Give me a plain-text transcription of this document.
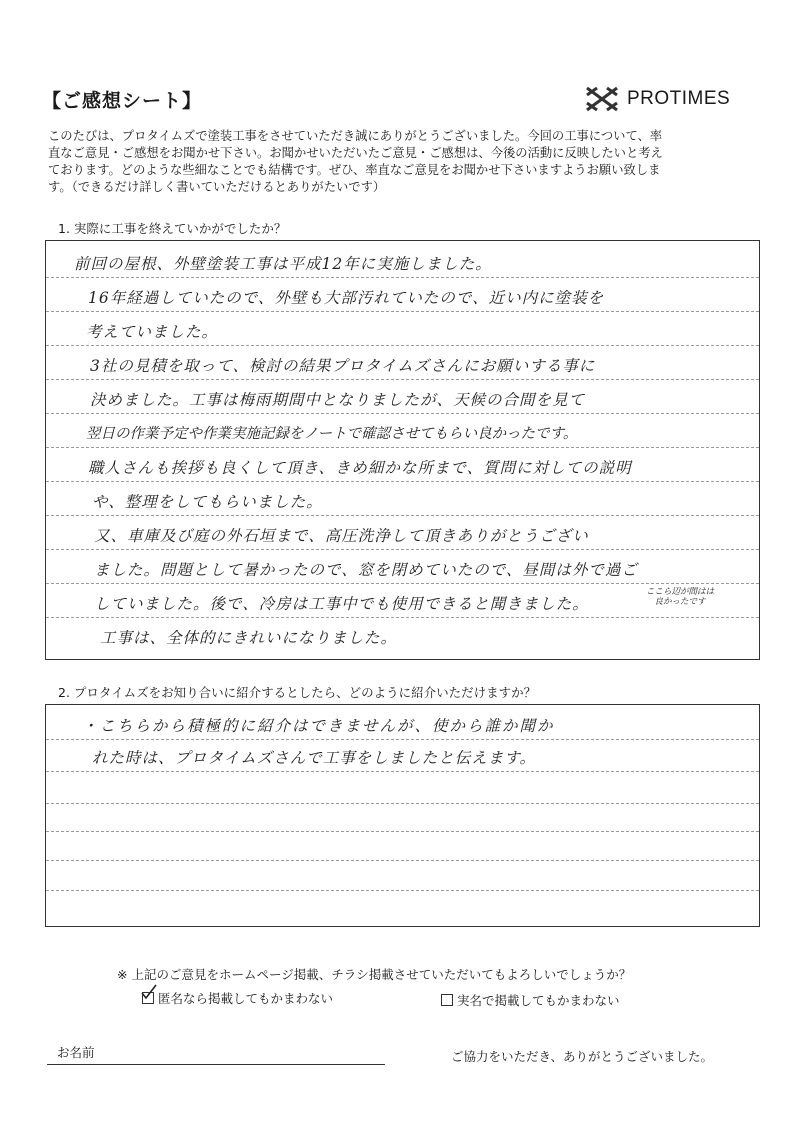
【ご感想シート】	PROTIMES
このたびは、プロタイムズで塗装工事をさせていただき誠にありがとうございました。今回の工事について、率
直なご意見・ご感想をお聞かせ下さい。お聞かせいただいたご意見・ご感想は、今後の活動に反映したいと考え
ております。どのような些細なことでも結構です。ぜひ、率直なご意見をお聞かせ下さいますようお願い致しま
す。（できるだけ詳しく書いていただけるとありがたいです）
1. 実際に工事を終えていかがでしたか？
前回の屋根、外壁塗装工事は平成12年に実施しました。
16年経過していたので、外壁も大部汚れていたので、近い内に塗装を
考えていました。
3社の見積を取って、検討の結果プロタイムズさんにお願いする事に
決めました。工事は梅雨期間中となりましたが、天候の合間を見て
翌日の作業予定や作業実施記録をノートで確認させてもらい良かったです。
職人さんも挨拶も良くして頂き、きめ細かな所まで、質問に対しての説明
や、整理をしてもらいました。
又、車庫及び庭の外石垣まで、高圧洗浄して頂きありがとうござい
ました。問題として暑かったので、窓を閉めていたので、昼間は外で過ご
していました。後で、冷房は工事中でも使用できると聞きました。
ここら辺が間はは
良かったです
工事は、全体的にきれいになりました。
2. プロタイムズをお知り合いに紹介するとしたら、どのように紹介いただけますか？
・こちらから積極的に紹介はできませんが、使から誰か聞か
れた時は、プロタイムズさんで工事をしましたと伝えます。
※ 上記のご意見をホームページ掲載、チラシ掲載させていただいてもよろしいでしょうか？
匿名なら掲載してもかまわない	実名で掲載してもかまわない
お名前	ご協力をいただき、ありがとうございました。
